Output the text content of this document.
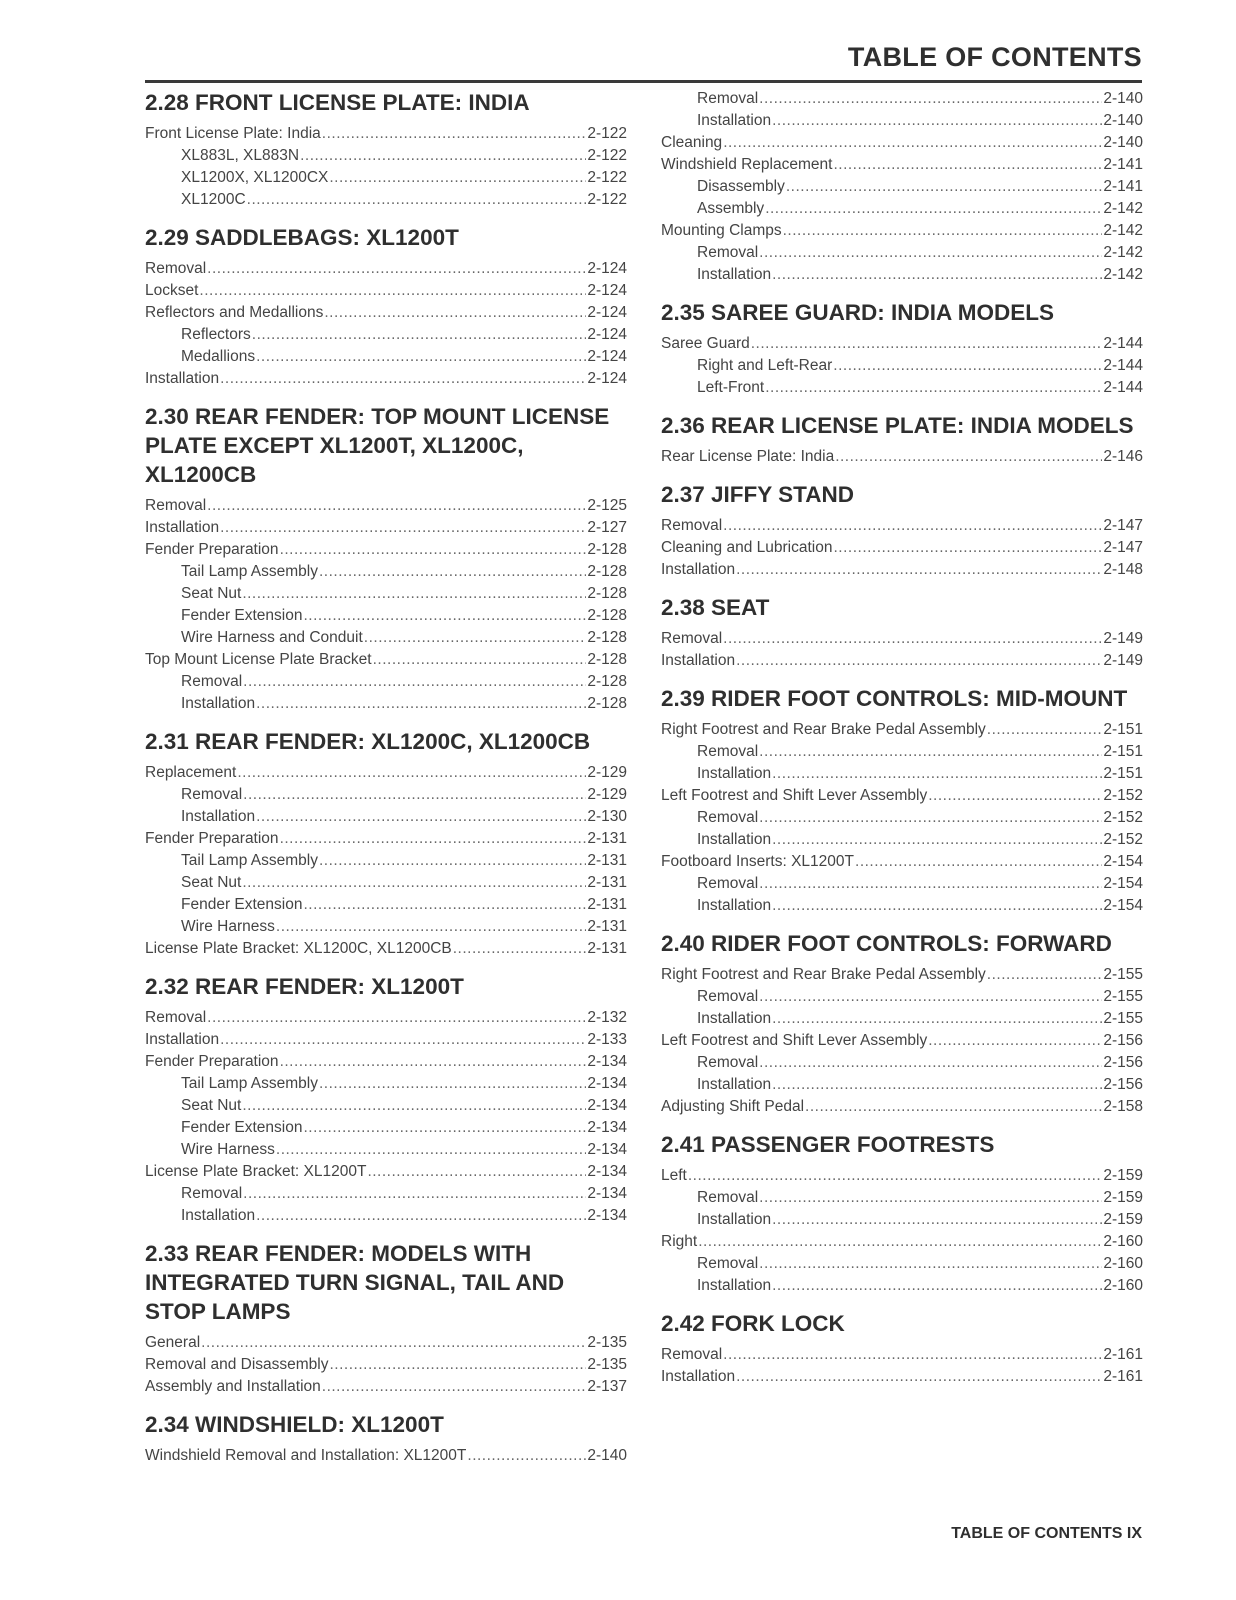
TABLE OF CONTENTS
2.28 FRONT LICENSE PLATE: INDIA
Front License Plate: India .....	2-122
XL883L, XL883N .....	2-122
XL1200X, XL1200CX .....	2-122
XL1200C .....	2-122
2.29 SADDLEBAGS: XL1200T
Removal .....	2-124
Lockset .....	2-124
Reflectors and Medallions .....	2-124
Reflectors .....	2-124
Medallions .....	2-124
Installation .....	2-124
2.30 REAR FENDER: TOP MOUNT LICENSE PLATE EXCEPT XL1200T, XL1200C, XL1200CB
Removal .....	2-125
Installation .....	2-127
Fender Preparation .....	2-128
Tail Lamp Assembly .....	2-128
Seat Nut .....	2-128
Fender Extension .....	2-128
Wire Harness and Conduit .....	2-128
Top Mount License Plate Bracket .....	2-128
Removal .....	2-128
Installation .....	2-128
2.31 REAR FENDER: XL1200C, XL1200CB
Replacement .....	2-129
Removal .....	2-129
Installation .....	2-130
Fender Preparation .....	2-131
Tail Lamp Assembly .....	2-131
Seat Nut .....	2-131
Fender Extension .....	2-131
Wire Harness .....	2-131
License Plate Bracket: XL1200C, XL1200CB .....	2-131
2.32 REAR FENDER: XL1200T
Removal .....	2-132
Installation .....	2-133
Fender Preparation .....	2-134
Tail Lamp Assembly .....	2-134
Seat Nut .....	2-134
Fender Extension .....	2-134
Wire Harness .....	2-134
License Plate Bracket: XL1200T .....	2-134
Removal .....	2-134
Installation .....	2-134
2.33 REAR FENDER: MODELS WITH INTEGRATED TURN SIGNAL, TAIL AND STOP LAMPS
General .....	2-135
Removal and Disassembly .....	2-135
Assembly and Installation .....	2-137
2.34 WINDSHIELD: XL1200T
Windshield Removal and Installation: XL1200T .....	2-140
Removal .....	2-140
Installation .....	2-140
Cleaning .....	2-140
Windshield Replacement .....	2-141
Disassembly .....	2-141
Assembly .....	2-142
Mounting Clamps .....	2-142
Removal .....	2-142
Installation .....	2-142
2.35 SAREE GUARD: INDIA MODELS
Saree Guard .....	2-144
Right and Left-Rear .....	2-144
Left-Front .....	2-144
2.36 REAR LICENSE PLATE: INDIA MODELS
Rear License Plate: India .....	2-146
2.37 JIFFY STAND
Removal .....	2-147
Cleaning and Lubrication .....	2-147
Installation .....	2-148
2.38 SEAT
Removal .....	2-149
Installation .....	2-149
2.39 RIDER FOOT CONTROLS: MID-MOUNT
Right Footrest and Rear Brake Pedal Assembly .....	2-151
Removal .....	2-151
Installation .....	2-151
Left Footrest and Shift Lever Assembly .....	2-152
Removal .....	2-152
Installation .....	2-152
Footboard Inserts: XL1200T .....	2-154
Removal .....	2-154
Installation .....	2-154
2.40 RIDER FOOT CONTROLS: FORWARD
Right Footrest and Rear Brake Pedal Assembly .....	2-155
Removal .....	2-155
Installation .....	2-155
Left Footrest and Shift Lever Assembly .....	2-156
Removal .....	2-156
Installation .....	2-156
Adjusting Shift Pedal .....	2-158
2.41 PASSENGER FOOTRESTS
Left .....	2-159
Removal .....	2-159
Installation .....	2-159
Right .....	2-160
Removal .....	2-160
Installation .....	2-160
2.42 FORK LOCK
Removal .....	2-161
Installation .....	2-161
TABLE OF CONTENTS IX
